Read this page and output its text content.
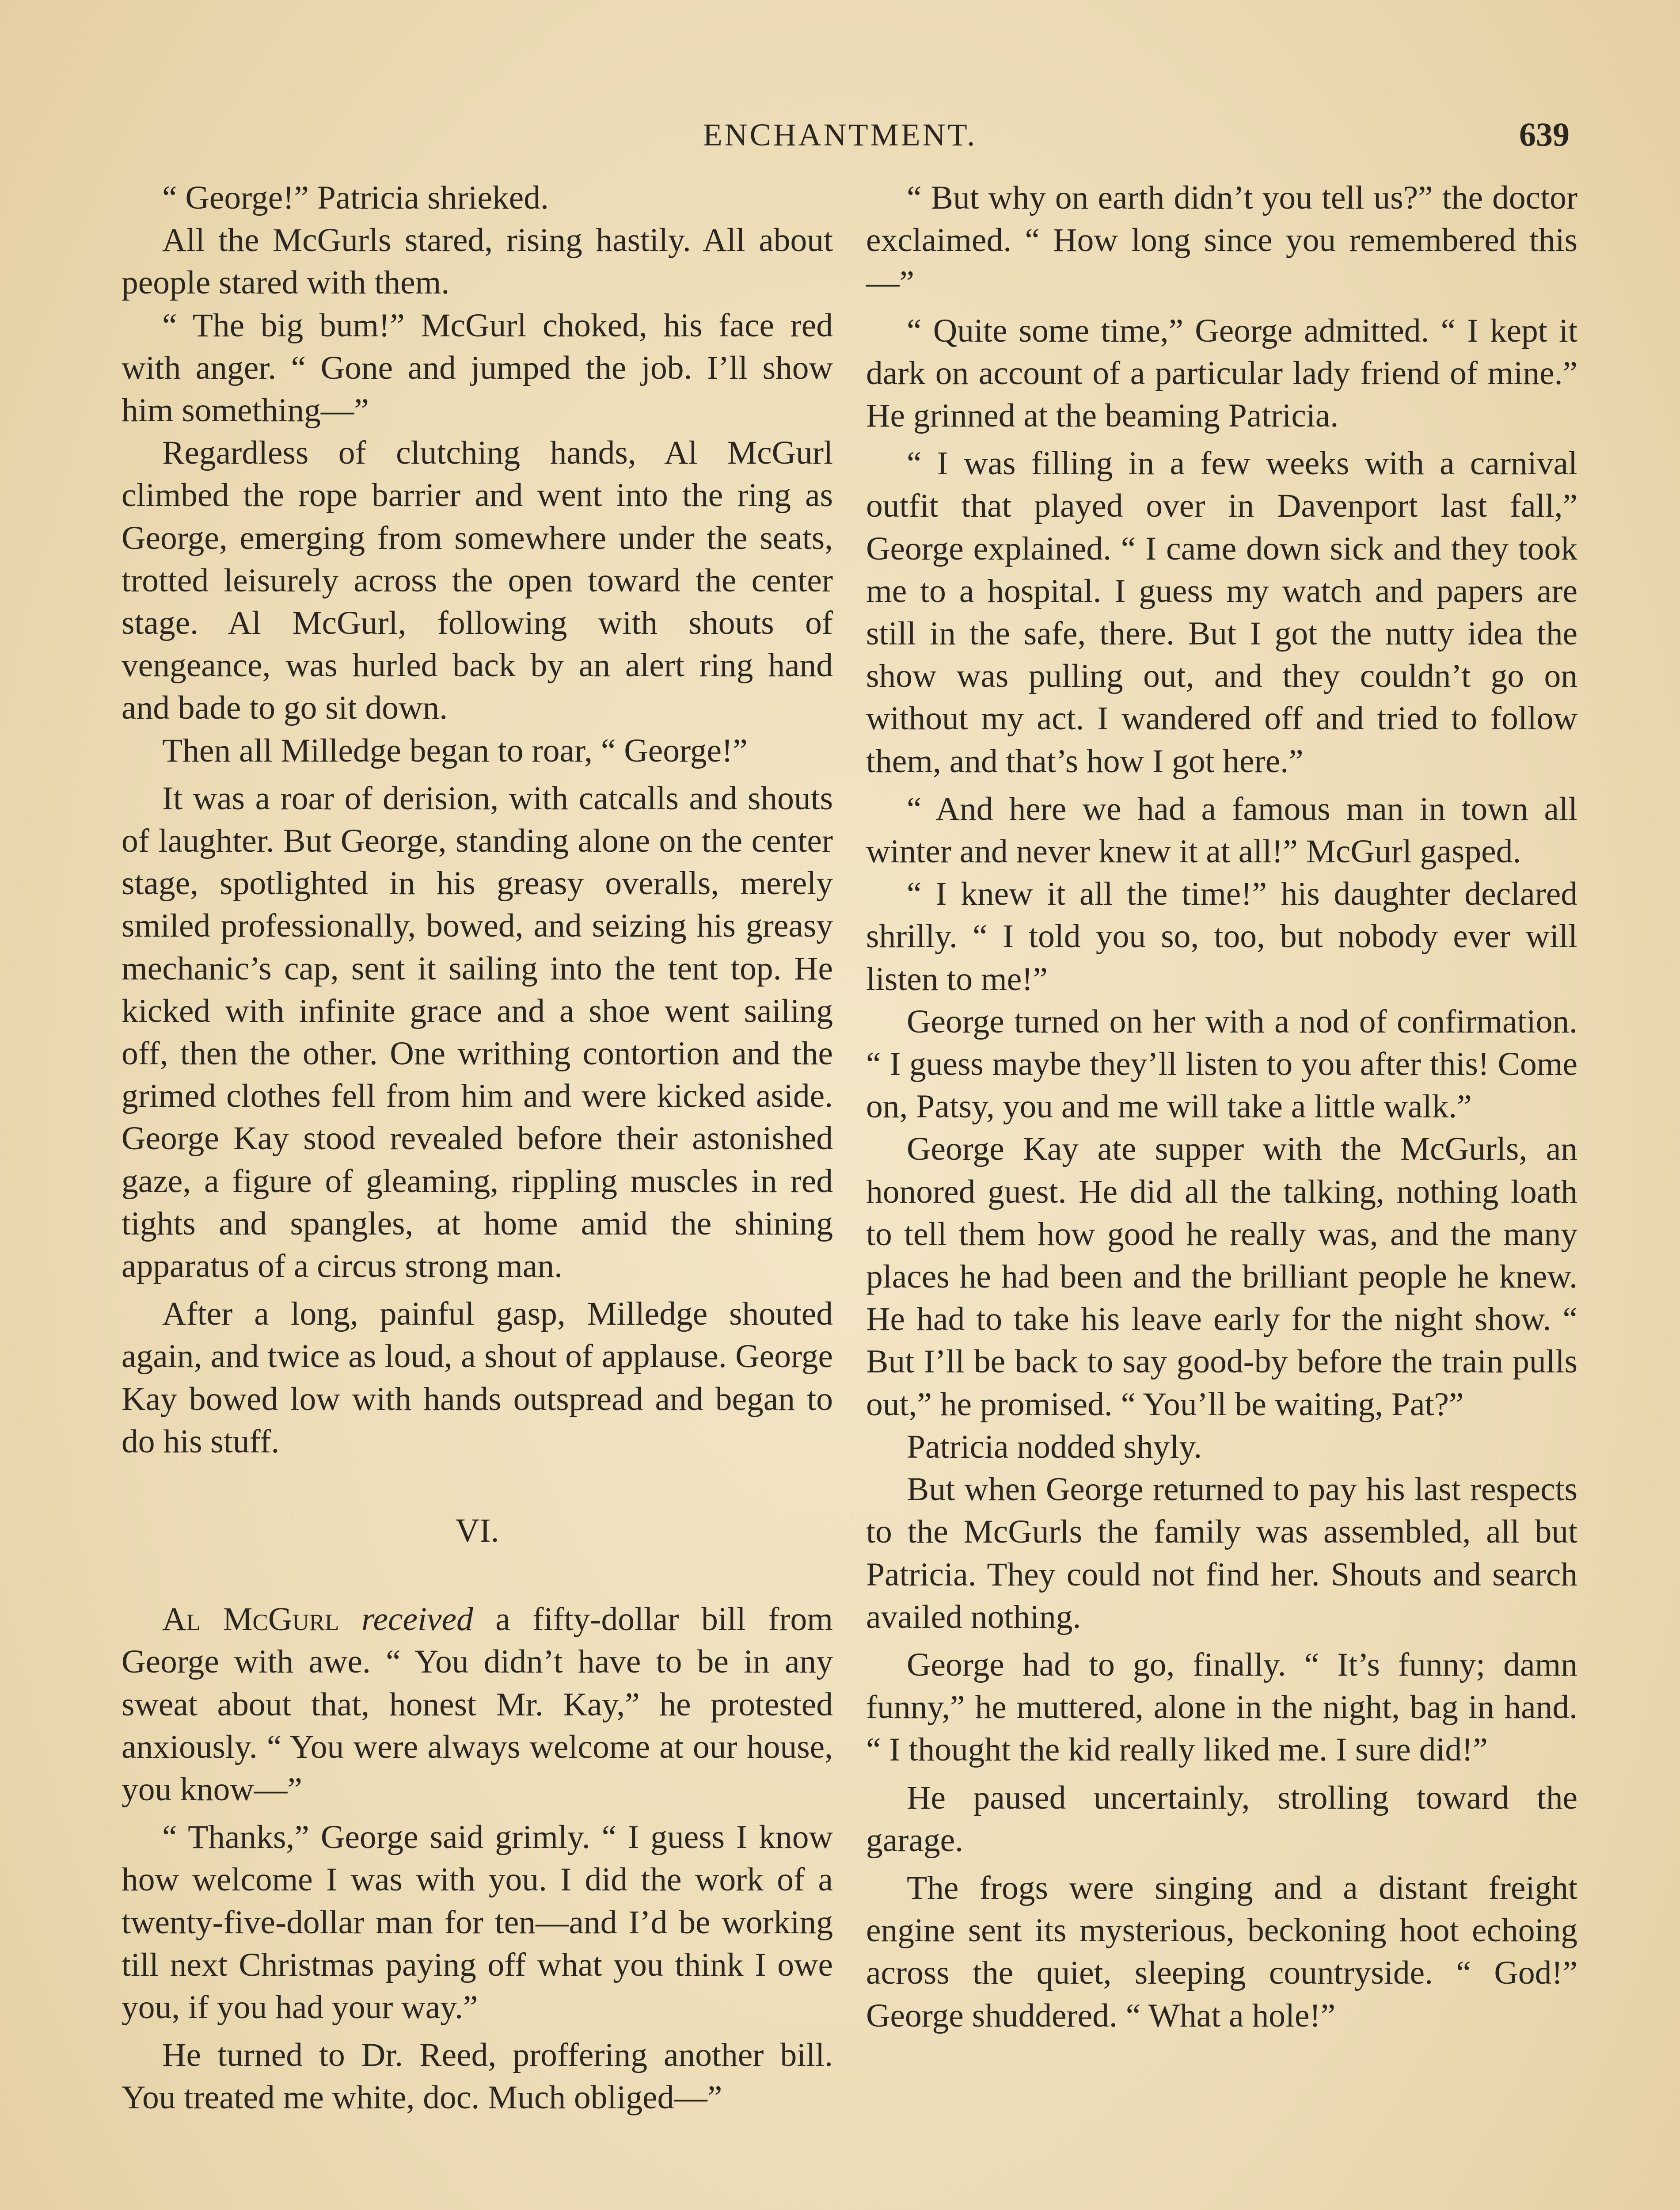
ENCHANTMENT.	639

“ George!” Patricia shrieked.

All the McGurls stared, rising hastily. All about people stared with them.

“ The big bum!” McGurl choked, his face red with anger. “ Gone and jumped the job. I’ll show him something—”

Regardless of clutching hands, Al McGurl climbed the rope barrier and went into the ring as George, emerging from somewhere under the seats, trotted leisurely across the open toward the center stage. Al McGurl, following with shouts of vengeance, was hurled back by an alert ring hand and bade to go sit down.

Then all Milledge began to roar, “ George!”

It was a roar of derision, with catcalls and shouts of laughter. But George, standing alone on the center stage, spotlighted in his greasy overalls, merely smiled professionally, bowed, and seizing his greasy mechanic’s cap, sent it sailing into the tent top. He kicked with infinite grace and a shoe went sailing off, then the other. One writhing contortion and the grimed clothes fell from him and were kicked aside. George Kay stood revealed before their astonished gaze, a figure of gleaming, rippling muscles in red tights and spangles, at home amid the shining apparatus of a circus strong man.

After a long, painful gasp, Milledge shouted again, and twice as loud, a shout of applause. George Kay bowed low with hands outspread and began to do his stuff.

VI.

Al McGurl received a fifty-dollar bill from George with awe. “ You didn’t have to be in any sweat about that, honest Mr. Kay,” he protested anxiously. “ You were always welcome at our house, you know—”

“ Thanks,” George said grimly. “ I guess I know how welcome I was with you. I did the work of a twenty-five-dollar man for ten—and I’d be working till next Christmas paying off what you think I owe you, if you had your way.”

He turned to Dr. Reed, proffering another bill. You treated me white, doc. Much obliged—”

“ But why on earth didn’t you tell us?” the doctor exclaimed. “ How long since you remembered this—”

“ Quite some time,” George admitted. “ I kept it dark on account of a particular lady friend of mine.” He grinned at the beaming Patricia.

“ I was filling in a few weeks with a carnival outfit that played over in Davenport last fall,” George explained. “ I came down sick and they took me to a hospital. I guess my watch and papers are still in the safe, there. But I got the nutty idea the show was pulling out, and they couldn’t go on without my act. I wandered off and tried to follow them, and that’s how I got here.”

“ And here we had a famous man in town all winter and never knew it at all!” McGurl gasped.

“ I knew it all the time!” his daughter declared shrilly. “ I told you so, too, but nobody ever will listen to me!”

George turned on her with a nod of confirmation. “ I guess maybe they’ll listen to you after this! Come on, Patsy, you and me will take a little walk.”

George Kay ate supper with the McGurls, an honored guest. He did all the talking, nothing loath to tell them how good he really was, and the many places he had been and the brilliant people he knew. He had to take his leave early for the night show. “ But I’ll be back to say good-by before the train pulls out,” he promised. “ You’ll be waiting, Pat?”

Patricia nodded shyly.

But when George returned to pay his last respects to the McGurls the family was assembled, all but Patricia. They could not find her. Shouts and search availed nothing.

George had to go, finally. “ It’s funny; damn funny,” he muttered, alone in the night, bag in hand. “ I thought the kid really liked me. I sure did!”

He paused uncertainly, strolling toward the garage.

The frogs were singing and a distant freight engine sent its mysterious, beckoning hoot echoing across the quiet, sleeping countryside. “ God!” George shuddered. “ What a hole!”
